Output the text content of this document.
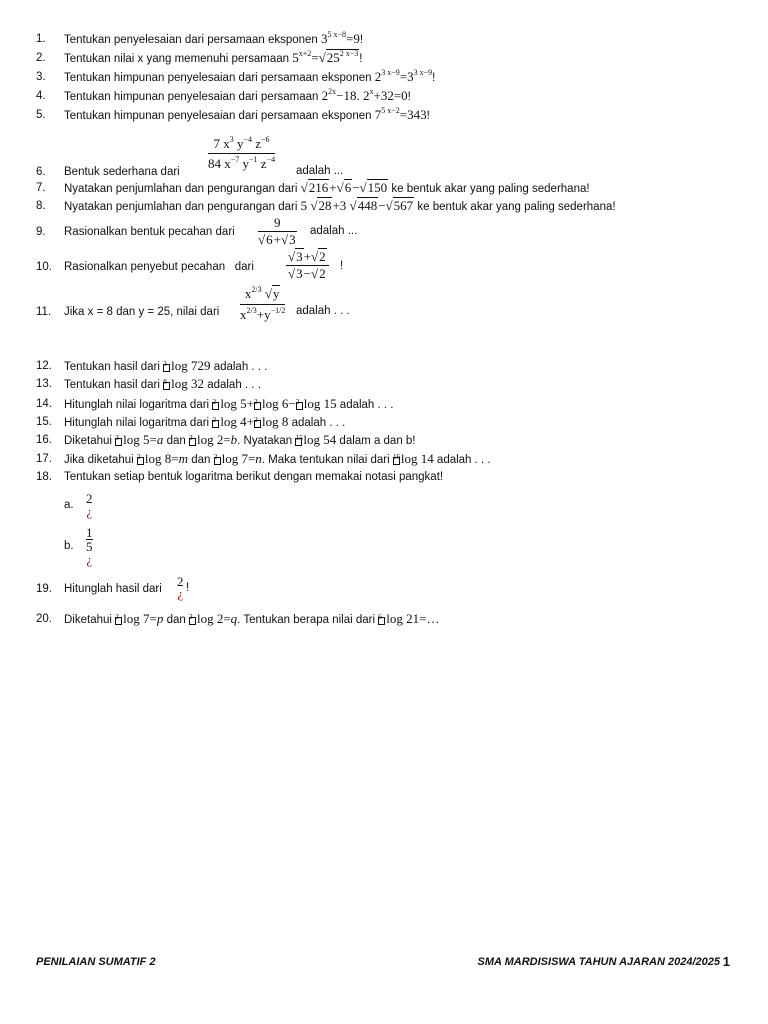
1. Tentukan penyelesaian dari persamaan eksponen $3^{5 x-8}=9$!
2. Tentukan nilai x yang memenuhi persamaan $5^{x+2}=√25^{2 x-3}$!
3. Tentukan himpunan penyelesaian dari persamaan eksponen $2^{3 x-9}=3^{3 x-9}$!
4. Tentukan himpunan penyelesaian dari persamaan $2^{2x}-18$. $2^x+32=0$!
5. Tentukan himpunan penyelesaian dari persamaan eksponen $7^{5 x-2}=343$!
6. Bentuk sederhana dari
7 $x^3$ $y^{-4}$ $z^{-6}$
84 $x^{-7}$ $y^{-1}$ $z^{-4}$
adalah ...
7. Nyatakan penjumlahan dan pengurangan dari √216+√6−√150 ke bentuk akar yang paling sederhana!
8. Nyatakan penjumlahan dan pengurangan dari 5 √28+3 √448−√567 ke bentuk akar yang paling sederhana!
9. Rasionalkan bentuk pecahan dari
9
√6+√3
adalah ...
10. Rasionalkan penyebut pecahan   dari
√3+√2
√3−√2 !
11. Jika x = 8 dan y = 25, nilai dari
$x^{2/3}$ √y
$x^{2/3}+y^{-1/2}$ adalah . . .
12. Tentukan hasil dari 3 log 729 adalah . . .
13. Tentukan hasil dari 8 log 32 adalah . . .
14. Hitunglah nilai logaritma dari 2 log 5+ 2 log 6− 2 log 15 adalah . . .
15. Hitunglah nilai logaritma dari 2 log 4+ 2 log 8 adalah . . .
16. Diketahui 3 log 5=a dan 3 log 2=b. Nyatakan 15 log 54 dalam a dan b!
17. Jika diketahui 2 log 8=m dan 2 log 7=n. Maka tentukan nilai dari 16 log 14 adalah . . .
18. Tentukan setiap bentuk logaritma berikut dengan memakai notasi pangkat!
a. 2
¿
b.
1
5
¿
19. Hitunglah hasil dari 2
¿ !
20. Diketahui 2 log 7=p dan 3 log 2=q. Tentukan berapa nilai dari 6 log 21=…
PENILAIAN SUMATIF 2	SMA MARDISISWA TAHUN AJARAN 2024/2025 1
